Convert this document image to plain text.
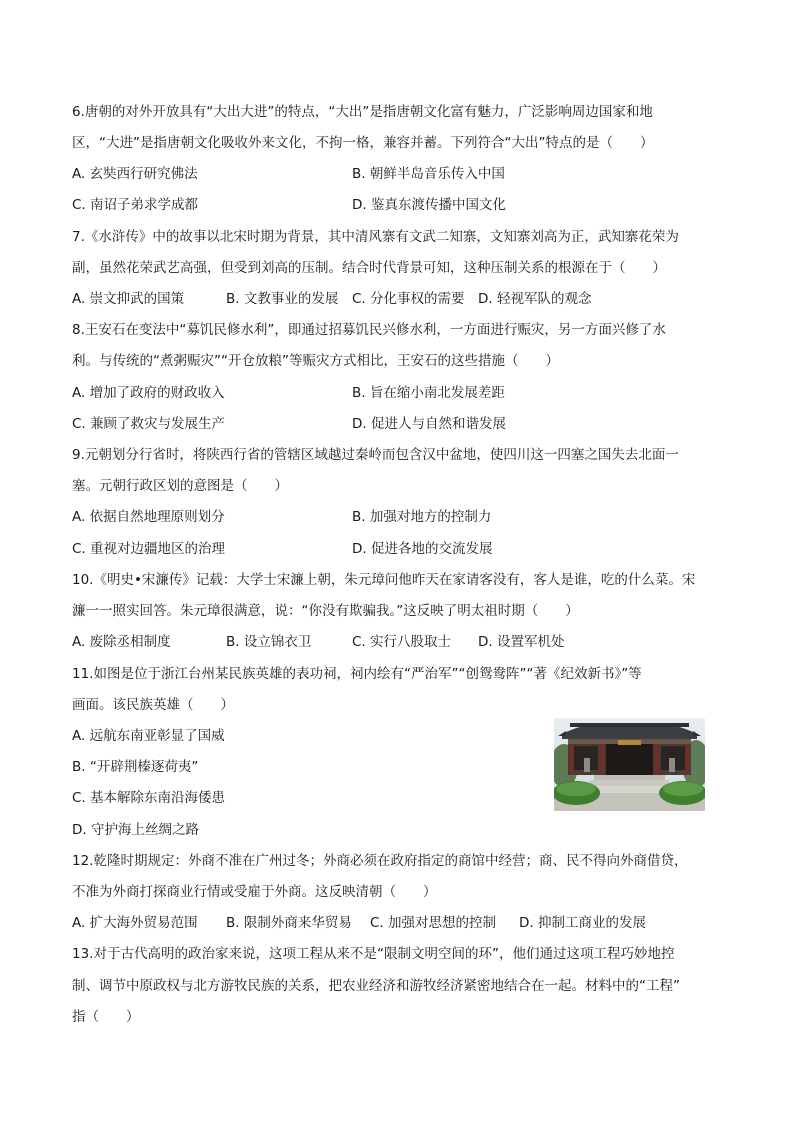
6.唐朝的对外开放具有“大出大进”的特点，“大出”是指唐朝文化富有魅力，广泛影响周边国家和地
区，“大进”是指唐朝文化吸收外来文化，不拘一格，兼容并蓄。下列符合“大出”特点的是（　　）
A. 玄奘西行研究佛法	B. 朝鲜半岛音乐传入中国
C. 南诏子弟求学成都	D. 鉴真东渡传播中国文化
7.《水浒传》中的故事以北宋时期为背景，其中清风寨有文武二知寨，文知寨刘高为正，武知寨花荣为
副，虽然花荣武艺高强，但受到刘高的压制。结合时代背景可知，这种压制关系的根源在于（　　）
A. 崇文抑武的国策	B. 文教事业的发展 C. 分化事权的需要 D. 轻视军队的观念
8.王安石在变法中“募饥民修水利”，即通过招募饥民兴修水利，一方面进行赈灾，另一方面兴修了水
利。与传统的“煮粥赈灾”“开仓放粮”等赈灾方式相比，王安石的这些措施（　　）
A. 增加了政府的财政收入	B. 旨在缩小南北发展差距
C. 兼顾了救灾与发展生产	D. 促进人与自然和谐发展
9.元朝划分行省时，将陕西行省的管辖区域越过秦岭而包含汉中盆地，使四川这一四塞之国失去北面一
塞。元朝行政区划的意图是（　　）
A. 依据自然地理原则划分	B. 加强对地方的控制力
C. 重视对边疆地区的治理	D. 促进各地的交流发展
10.《明史•宋濂传》记载：大学士宋濂上朝，朱元璋问他昨天在家请客没有，客人是谁，吃的什么菜。宋
濂一一照实回答。朱元璋很满意，说：“你没有欺骗我。”这反映了明太祖时期（　　）
A. 废除丞相制度	B. 设立锦衣卫	C. 实行八股取士 D. 设置军机处
11.如图是位于浙江台州某民族英雄的表功祠，祠内绘有“严治军”“创鸳鸯阵”“著《纪效新书》”等
画面。该民族英雄（　　）
A. 远航东南亚彰显了国威
B. “开辟荆榛逐荷夷”
C. 基本解除东南沿海倭患
D. 守护海上丝绸之路
12.乾隆时期规定：外商不准在广州过冬；外商必须在政府指定的商馆中经营；商、民不得向外商借贷，
不准为外商打探商业行情或受雇于外商。这反映清朝（　　）
A. 扩大海外贸易范围 B. 限制外商来华贸易 C. 加强对思想的控制 D. 抑制工商业的发展
13.对于古代高明的政治家来说，这项工程从来不是“限制文明空间的环”，他们通过这项工程巧妙地控
制、调节中原政权与北方游牧民族的关系，把农业经济和游牧经济紧密地结合在一起。材料中的“工程”
指（　　）
